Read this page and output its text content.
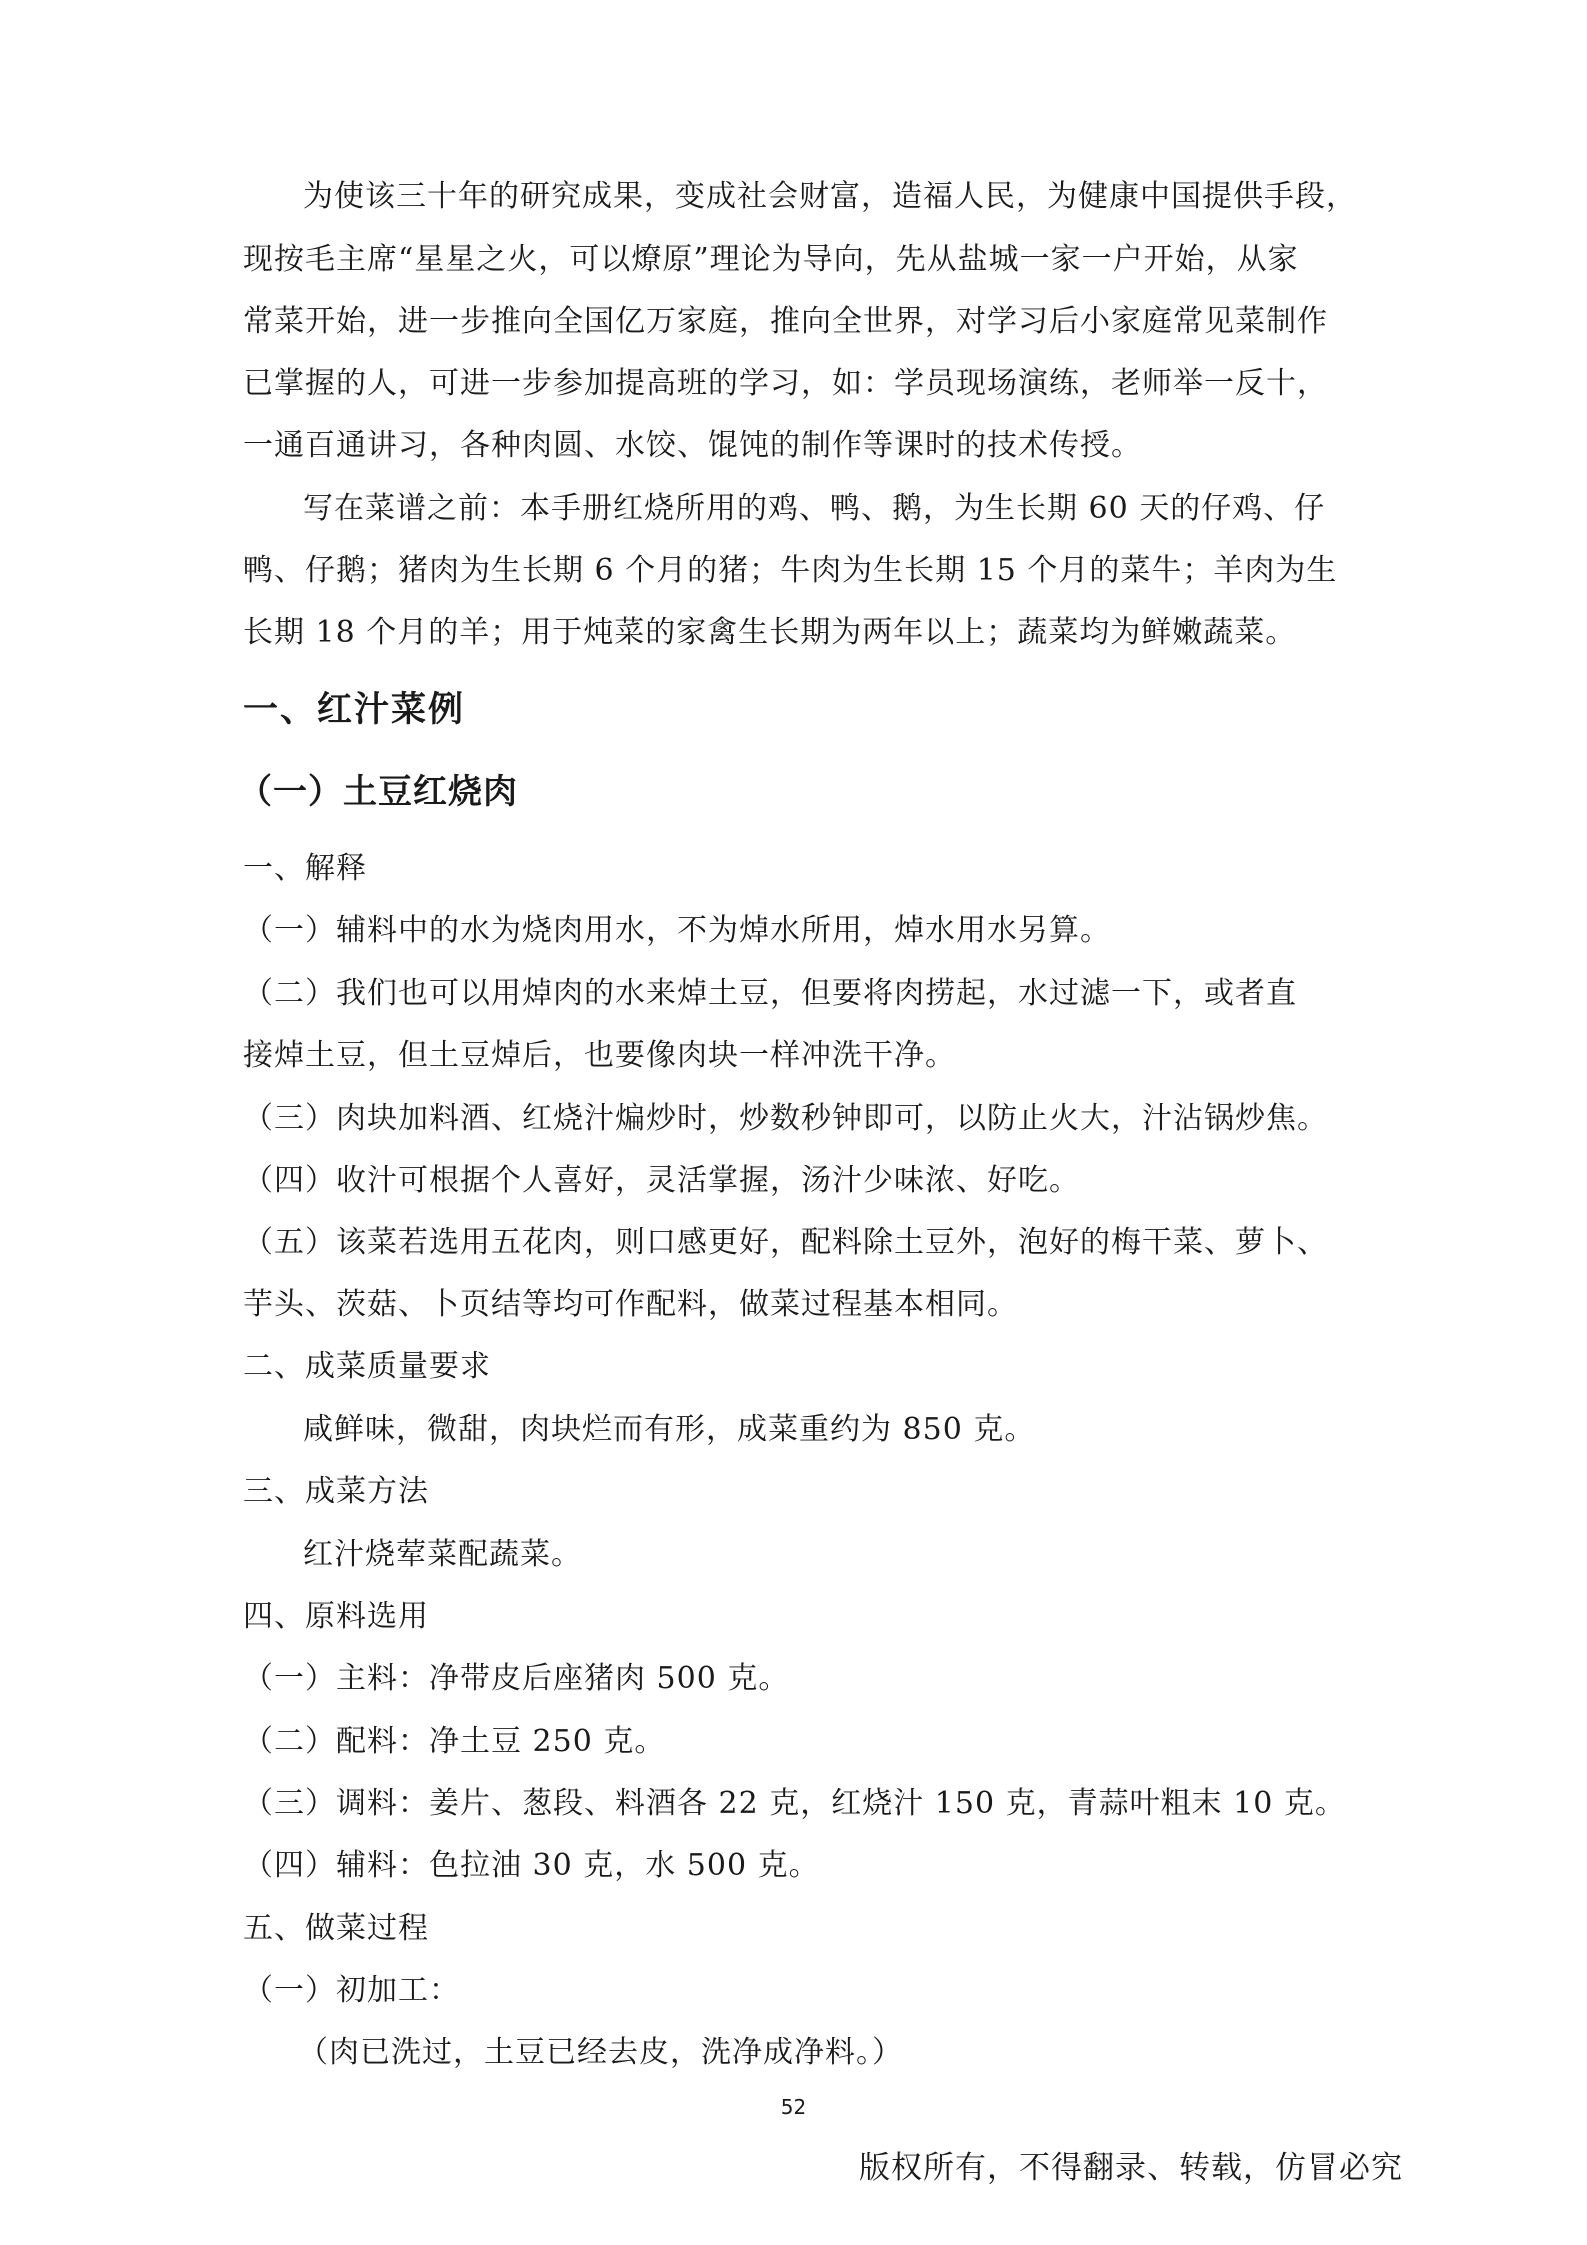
为使该三十年的研究成果，变成社会财富，造福人民，为健康中国提供手段，
现按毛主席“星星之火，可以燎原”理论为导向，先从盐城一家一户开始，从家
常菜开始，进一步推向全国亿万家庭，推向全世界，对学习后小家庭常见菜制作
已掌握的人，可进一步参加提高班的学习，如：学员现场演练，老师举一反十，
一通百通讲习，各种肉圆、水饺、馄饨的制作等课时的技术传授。
写在菜谱之前：本手册红烧所用的鸡、鸭、鹅，为生长期 60 天的仔鸡、仔
鸭、仔鹅；猪肉为生长期 6 个月的猪；牛肉为生长期 15 个月的菜牛；羊肉为生
长期 18 个月的羊；用于炖菜的家禽生长期为两年以上；蔬菜均为鲜嫩蔬菜。
一、红汁菜例
（一）土豆红烧肉
一、解释
（一）辅料中的水为烧肉用水，不为焯水所用，焯水用水另算。
（二）我们也可以用焯肉的水来焯土豆，但要将肉捞起，水过滤一下，或者直
接焯土豆，但土豆焯后，也要像肉块一样冲洗干净。
（三）肉块加料酒、红烧汁煸炒时，炒数秒钟即可，以防止火大，汁沾锅炒焦。
（四）收汁可根据个人喜好，灵活掌握，汤汁少味浓、好吃。
（五）该菜若选用五花肉，则口感更好，配料除土豆外，泡好的梅干菜、萝卜、
芋头、茨菇、卜页结等均可作配料，做菜过程基本相同。
二、成菜质量要求
咸鲜味，微甜，肉块烂而有形，成菜重约为 850 克。
三、成菜方法
红汁烧荤菜配蔬菜。
四、原料选用
（一）主料：净带皮后座猪肉 500 克。
（二）配料：净土豆 250 克。
（三）调料：姜片、葱段、料酒各 22 克，红烧汁 150 克，青蒜叶粗末 10 克。
（四）辅料：色拉油 30 克，水 500 克。
五、做菜过程
（一）初加工：
（肉已洗过，土豆已经去皮，洗净成净料。）
52
版权所有，不得翻录、转载，仿冒必究
